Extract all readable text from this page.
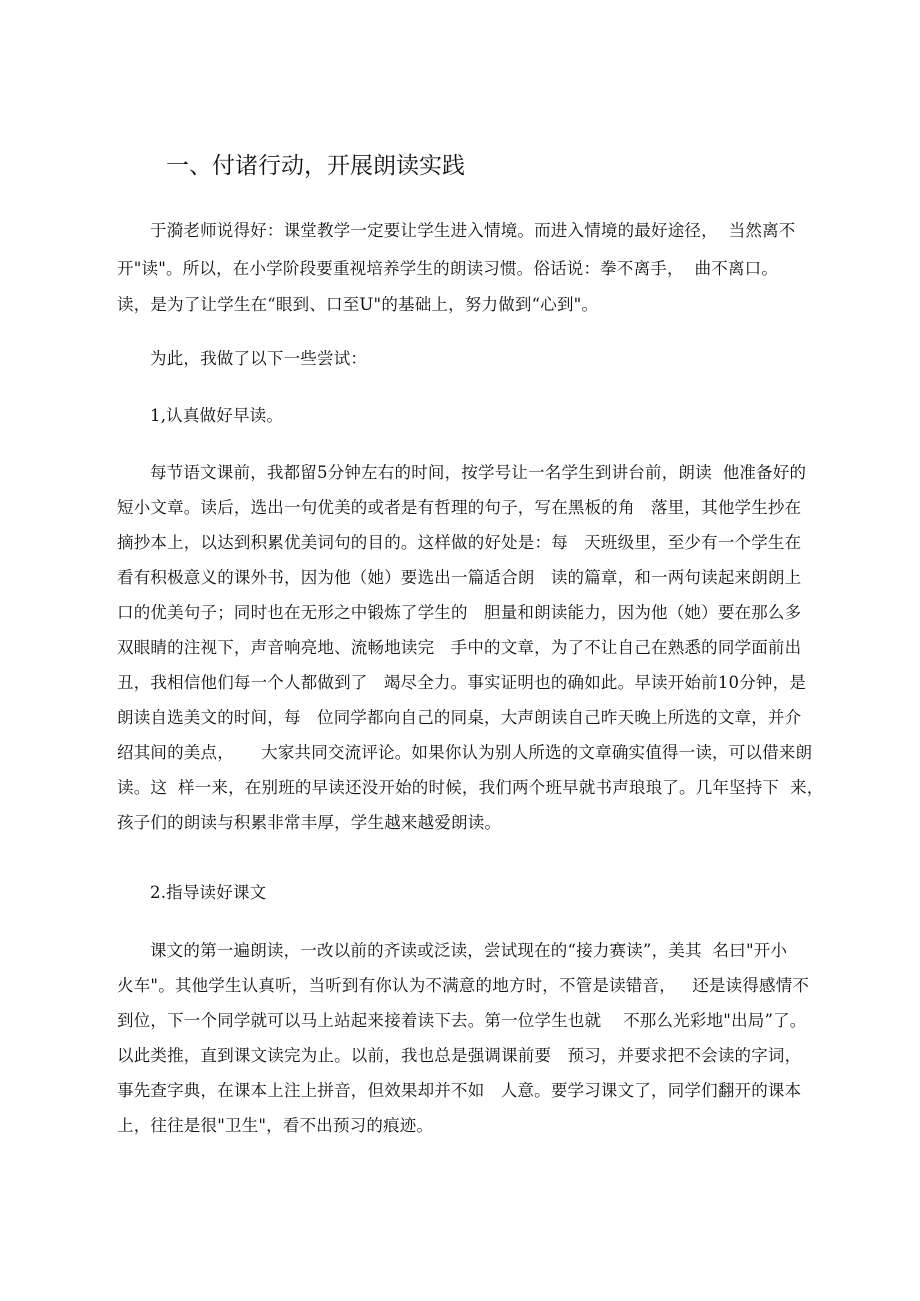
一、付诸行动，开展朗读实践
于漪老师说得好：课堂教学一定要让学生进入情境。而进入情境的最好途径，  当然离不
开"读"。所以，在小学阶段要重视培养学生的朗读习惯。俗话说：拳不离手，  曲不离口。
读，是为了让学生在“眼到、口至U"的基础上，努力做到“心到"。
为此，我做了以下一些尝试：
1,认真做好早读。
每节语文课前，我都留5分钟左右的时间，按学号让一名学生到讲台前，朗读  他准备好的
短小文章。读后，选出一句优美的或者是有哲理的句子，写在黑板的角   落里，其他学生抄在
摘抄本上，以达到积累优美词句的目的。这样做的好处是：每   天班级里，至少有一个学生在
看有积极意义的课外书，因为他（她）要选出一篇适合朗   读的篇章，和一两句读起来朗朗上
口的优美句子；同时也在无形之中锻炼了学生的   胆量和朗读能力，因为他（她）要在那么多
双眼睛的注视下，声音响亮地、流畅地读完   手中的文章，为了不让自己在熟悉的同学面前出
丑，我相信他们每一个人都做到了   竭尽全力。事实证明也的确如此。早读开始前10分钟，是
朗读自选美文的时间，每   位同学都向自己的同桌，大声朗读自己昨天晚上所选的文章，并介
绍其间的美点，     大家共同交流评论。如果你认为别人所选的文章确实值得一读，可以借来朗
读。这  样一来，在别班的早读还没开始的时候，我们两个班早就书声琅琅了。几年坚持下  来，
孩子们的朗读与积累非常丰厚，学生越来越爱朗读。
2.指导读好课文
课文的第一遍朗读，一改以前的齐读或泛读，尝试现在的“接力赛读”，美其  名曰"开小
火车"。其他学生认真听，当听到有你认为不满意的地方时，不管是读错音，   还是读得感情不
到位，下一个同学就可以马上站起来接着读下去。第一位学生也就    不那么光彩地"出局”了。
以此类推，直到课文读完为止。以前，我也总是强调课前要   预习，并要求把不会读的字词，
事先查字典，在课本上注上拼音，但效果却并不如   人意。要学习课文了，同学们翻开的课本
上，往往是很"卫生"，看不出预习的痕迹。
